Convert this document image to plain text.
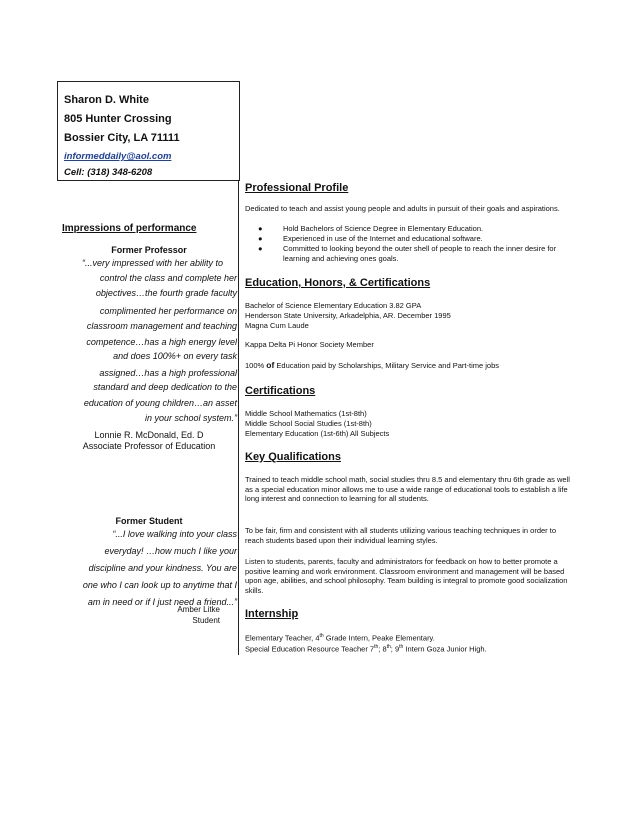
Sharon D. White
805 Hunter Crossing
Bossier City, LA 71111
informeddaily@aol.com
Cell: (318) 348-6208
Impressions of performance
Former Professor
“...very impressed with her ability to
control the class and complete her
objectives…the fourth grade faculty
complimented her performance on
classroom management and teaching
competence…has a high energy level
and does 100%+ on every task
assigned…has a high professional
standard and deep dedication to the
education of young children…an asset
in your school system.”
Lonnie R. McDonald, Ed. D
Associate Professor of Education
Former Student
“...I love walking into your class
everyday! …how much I like your
discipline and your kindness. You are
one who I can look up to anytime that I
am in need or if I just need a friend...”
Amber Litke
Student
Professional Profile
Dedicated to teach and assist young people and adults in pursuit of their goals and aspirations.
●	Hold Bachelors of Science Degree in Elementary Education.
●	Experienced in use of the Internet and educational software.
●	Committed to looking beyond the outer shell of people to reach the inner desire for learning and achieving ones goals.
Education, Honors, & Certifications
Bachelor of Science Elementary Education 3.82 GPA
Henderson State University, Arkadelphia, AR. December 1995
Magna Cum Laude
Kappa Delta Pi Honor Society Member
100% of Education paid by Scholarships, Military Service and Part-time jobs
Certifications
Middle School Mathematics (1st-8th)
Middle School Social Studies (1st-8th)
Elementary Education (1st-6th) All Subjects
Key Qualifications
Trained to teach middle school math, social studies thru 8.5 and elementary thru 6th grade as well as a special education minor allows me to use a wide range of educational tools to establish a life long interest and connection to learning for all students.
To be fair, firm and consistent with all students utilizing various teaching techniques in order to reach students based upon their individual learning styles.
Listen to students, parents, faculty and administrators for feedback on how to better promote a positive learning and work environment. Classroom environment and management will be based upon age, abilities, and school philosophy. Team building is integral to promote good socialization skills.
Internship
Elementary Teacher, 4th Grade Intern, Peake Elementary.
Special Education Resource Teacher 7th; 8th; 9th Intern Goza Junior High.
